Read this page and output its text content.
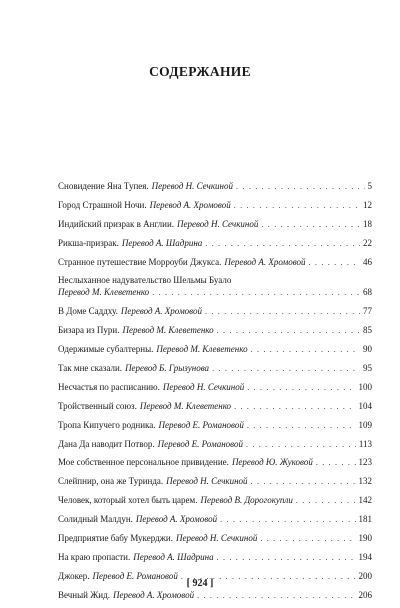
СОДЕРЖАНИЕ
Сновидение Яна Тупея. Перевод Н. Сечкиной . . .	5
Город Страшной Ночи. Перевод А. Хромовой . . .	12
Индийский призрак в Англии. Перевод Н. Сечкиной . . .	18
Рикша-призрак. Перевод А. Шадрина . . .	22
Странное путешествие Морроуби Джукса. Перевод А. Хромовой . . .	46
Неслыханное надувательство Шельмы Буало
Перевод М. Клеветенко . . .	68
В Доме Саддху. Перевод А. Хромовой . . .	77
Бизара из Пури. Перевод М. Клеветенко . . .	85
Одержимые субалтерны. Перевод М. Клеветенко . . .	90
Так мне сказали. Перевод Б. Грызунова . . .	95
Несчастья по расписанию. Перевод Н. Сечкиной . . .	100
Тройственный союз. Перевод М. Клеветенко . . .	104
Тропа Кипучего родника. Перевод Е. Романовой . . .	109
Дана Да наводит Потвор. Перевод Е. Романовой . . .	113
Мое собственное персональное привидение. Перевод Ю. Жуковой . . .	123
Слейпнир, она же Туринда. Перевод Н. Сечкиной . . .	132
Человек, который хотел быть царем. Перевод В. Дорогокупли . . .	142
Солидный Малдун. Перевод А. Хромовой . . .	181
Предприятие бабу Мукерджи. Перевод Н. Сечкиной . . .	190
На краю пропасти. Перевод А. Шадрина . . .	194
Джокер. Перевод Е. Романовой . . .	200
Вечный Жид. Перевод А. Хромовой . . .	206
[ 924 ]
